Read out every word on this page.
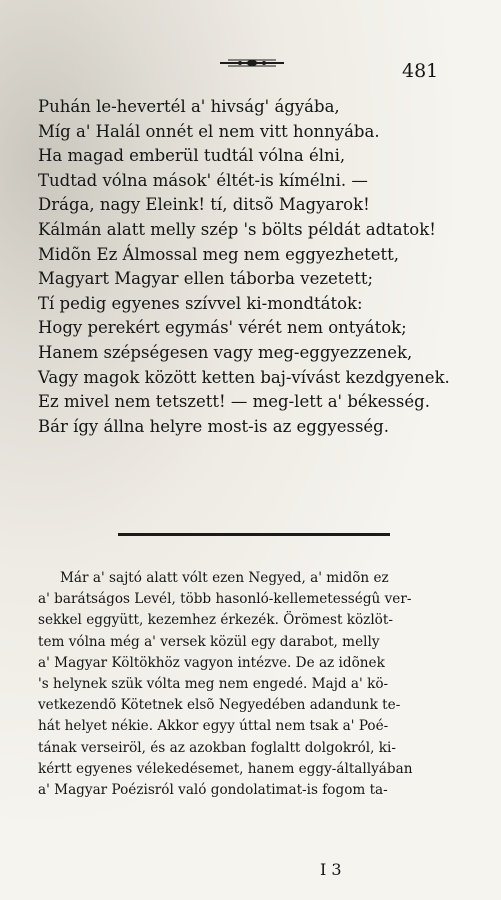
481
Puhán le-hevertél a' hivság' ágyába,
Míg a' Halál onnét el nem vitt honnyába.
Ha magad emberül tudtál vólna élni,
Tudtad vólna mások' éltét-is kímélni. —
Drága, nagy Eleink! tí, ditsõ Magyarok!
Kálmán alatt melly szép 's bölts példát adtatok!
Midõn Ez Álmossal meg nem eggyezhetett,
Magyart Magyar ellen táborba vezetett;
Tí pedig egyenes szívvel ki-mondtátok:
Hogy perekért egymás' vérét nem ontyátok;
Hanem szépségesen vagy meg-eggyezzenek,
Vagy magok között ketten baj-vívást kezdgyenek.
Ez mivel nem tetszett! — meg-lett a' békesség.
Bár így állna helyre most-is az eggyesség.
Már a' sajtó alatt vólt ezen Negyed, a' midõn ez
a' barátságos Levél, több hasonló-kellemetességû ver-
sekkel eggyütt, kezemhez érkezék. Örömest közlöt-
tem vólna még a' versek közül egy darabot, melly
a' Magyar Költökhöz vagyon intézve. De az idõnek
's helynek szük vólta meg nem engedé. Majd a' kö-
vetkezendõ Kötetnek elsõ Negyedében adandunk te-
hát helyet nékie. Akkor egyy úttal nem tsak a' Poé-
tának verseiröl, és az azokban foglaltt dolgokról, ki-
kértt egyenes vélekedésemet, hanem eggy-általlyában
a' Magyar Poézisról való gondolatimat-is fogom ta-
I 3
